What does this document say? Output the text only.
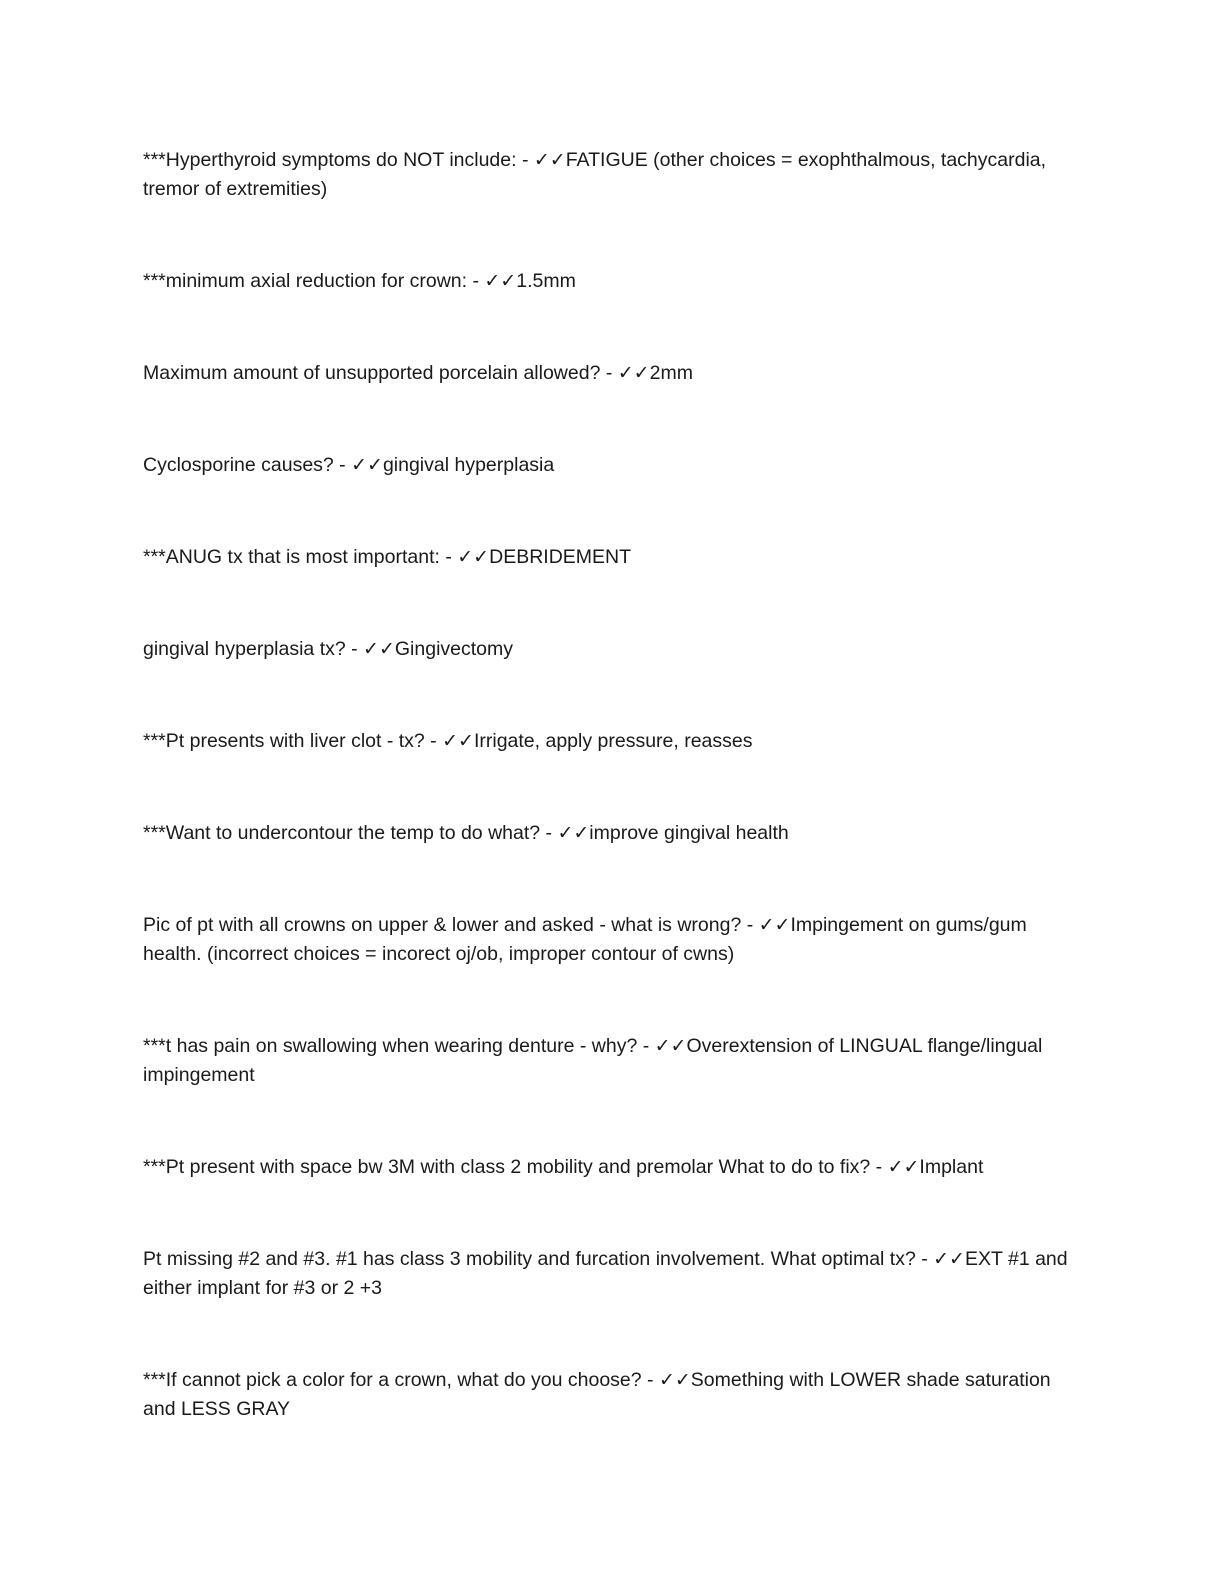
***Hyperthyroid symptoms do NOT include: - ✓✓FATIGUE (other choices = exophthalmous, tachycardia, tremor of extremities)

***minimum axial reduction for crown: - ✓✓1.5mm

Maximum amount of unsupported porcelain allowed? - ✓✓2mm

Cyclosporine causes? - ✓✓gingival hyperplasia

***ANUG tx that is most important: - ✓✓DEBRIDEMENT

gingival hyperplasia tx? - ✓✓Gingivectomy

***Pt presents with liver clot - tx? - ✓✓Irrigate, apply pressure, reasses

***Want to undercontour the temp to do what? - ✓✓improve gingival health

Pic of pt with all crowns on upper & lower and asked - what is wrong? - ✓✓Impingement on gums/gum health. (incorrect choices = incorect oj/ob, improper contour of cwns)

***t has pain on swallowing when wearing denture - why? - ✓✓Overextension of LINGUAL flange/lingual impingement

***Pt present with space bw 3M with class 2 mobility and premolar What to do to fix? - ✓✓Implant

Pt missing #2 and #3. #1 has class 3 mobility and furcation involvement. What optimal tx? - ✓✓EXT #1 and either implant for #3 or 2 +3

***If cannot pick a color for a crown, what do you choose? - ✓✓Something with LOWER shade saturation and LESS GRAY
